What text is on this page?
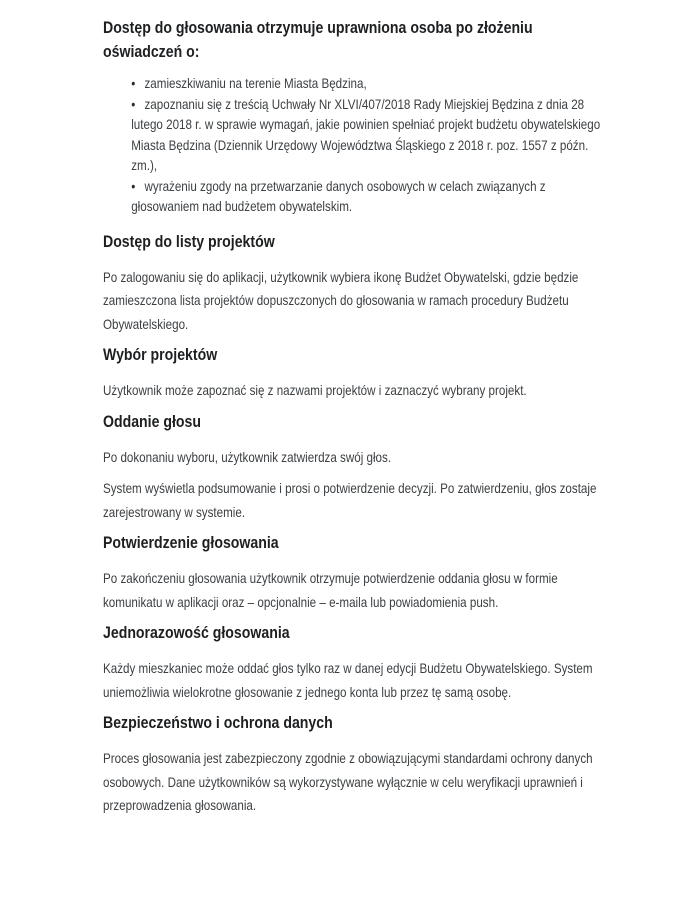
Dostęp do głosowania otrzymuje uprawniona osoba po złożeniu oświadczeń o:
• zamieszkiwaniu na terenie Miasta Będzina,
• zapoznaniu się z treścią Uchwały Nr XLVI/407/2018 Rady Miejskiej Będzina z dnia 28 lutego 2018 r. w sprawie wymagań, jakie powinien spełniać projekt budżetu obywatelskiego Miasta Będzina (Dziennik Urzędowy Województwa Śląskiego z 2018 r. poz. 1557 z późn. zm.),
• wyrażeniu zgody na przetwarzanie danych osobowych w celach związanych z głosowaniem nad budżetem obywatelskim.
Dostęp do listy projektów

Po zalogowaniu się do aplikacji, użytkownik wybiera ikonę Budżet Obywatelski, gdzie będzie zamieszczona lista projektów dopuszczonych do głosowania w ramach procedury Budżetu Obywatelskiego.

Wybór projektów

Użytkownik może zapoznać się z nazwami projektów i zaznaczyć wybrany projekt.

Oddanie głosu

Po dokonaniu wyboru, użytkownik zatwierdza swój głos.

System wyświetla podsumowanie i prosi o potwierdzenie decyzji. Po zatwierdzeniu, głos zostaje zarejestrowany w systemie.

Potwierdzenie głosowania

Po zakończeniu głosowania użytkownik otrzymuje potwierdzenie oddania głosu w formie komunikatu w aplikacji oraz – opcjonalnie – e-maila lub powiadomienia push.

Jednorazowość głosowania

Każdy mieszkaniec może oddać głos tylko raz w danej edycji Budżetu Obywatelskiego. System uniemożliwia wielokrotne głosowanie z jednego konta lub przez tę samą osobę.

Bezpieczeństwo i ochrona danych

Proces głosowania jest zabezpieczony zgodnie z obowiązującymi standardami ochrony danych osobowych. Dane użytkowników są wykorzystywane wyłącznie w celu weryfikacji uprawnień i przeprowadzenia głosowania.
